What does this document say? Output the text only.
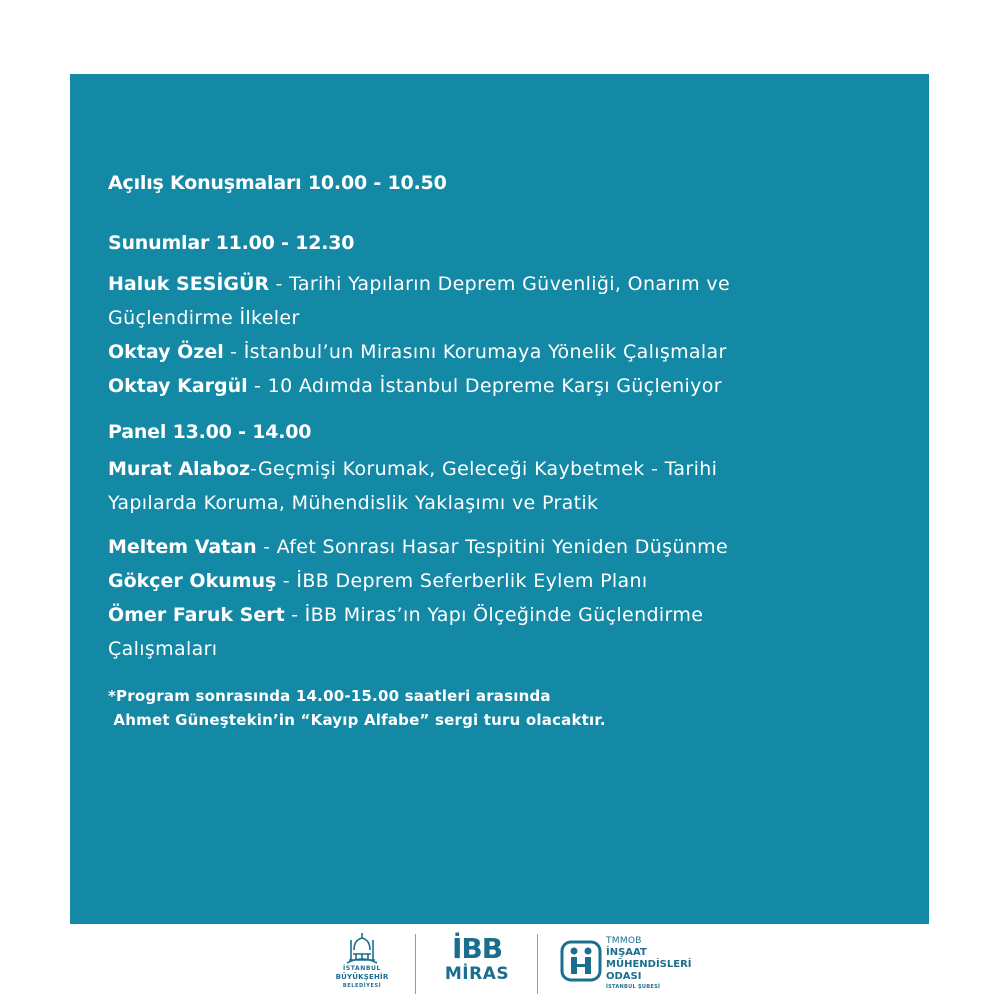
Açılış Konuşmaları 10.00 - 10.50
Sunumlar 11.00 - 12.30
Haluk SESİGÜR - Tarihi Yapıların Deprem Güvenliği, Onarım ve
Güçlendirme İlkeler
Oktay Özel - İstanbul’un Mirasını Korumaya Yönelik Çalışmalar
Oktay Kargül - 10 Adımda İstanbul Depreme Karşı Güçleniyor
Panel 13.00 - 14.00
Murat Alaboz-Geçmişi Korumak, Geleceği Kaybetmek - Tarihi
Yapılarda Koruma, Mühendislik Yaklaşımı ve Pratik
Meltem Vatan - Afet Sonrası Hasar Tespitini Yeniden Düşünme
Gökçer Okumuş - İBB Deprem Seferberlik Eylem Planı
Ömer Faruk Sert - İBB Miras’ın Yapı Ölçeğinde Güçlendirme
Çalışmaları
*Program sonrasında 14.00-15.00 saatleri arasında
Ahmet Güneştekin’in “Kayıp Alfabe” sergi turu olacaktır.
İSTANBUL
BÜYÜKŞEHİR
BELEDİYESİ
İBB
MİRAS
TMMOB
İNŞAAT
MÜHENDİSLERİ
ODASI
İSTANBUL ŞUBESİ
